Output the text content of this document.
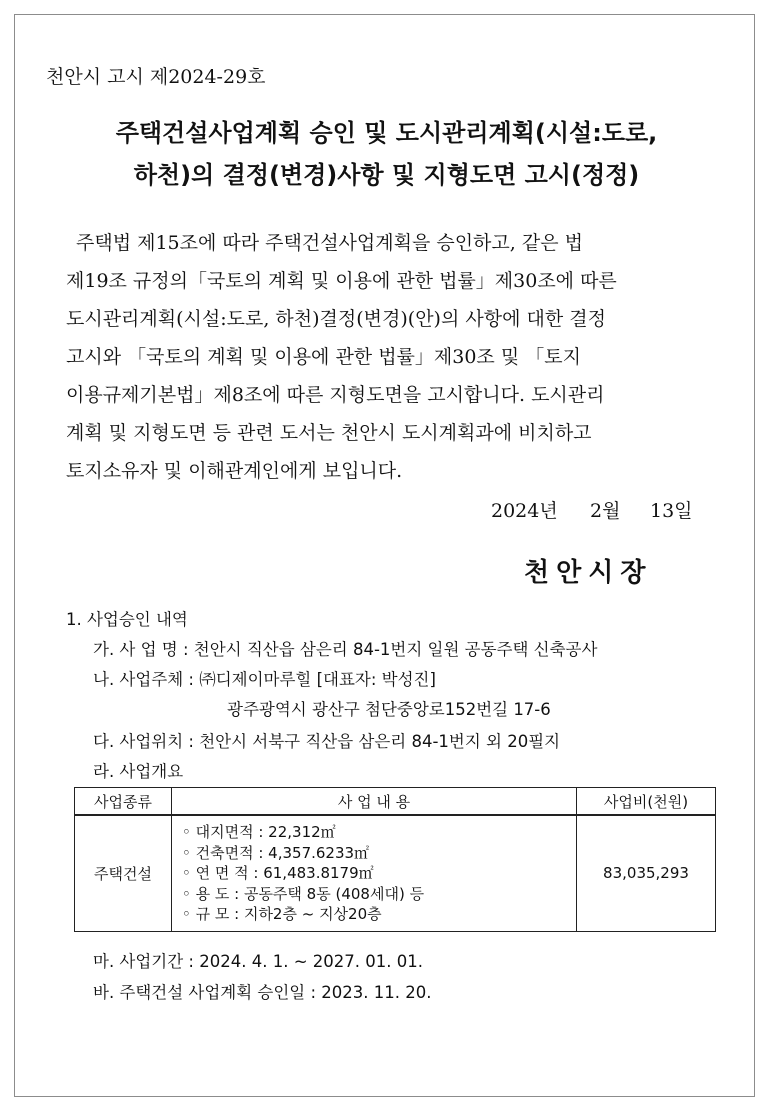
천안시 고시 제2024-29호
주택건설사업계획 승인 및 도시관리계획(시설:도로,
하천)의 결정(변경)사항 및 지형도면 고시(정정)
주택법 제15조에 따라 주택건설사업계획을 승인하고, 같은 법
제19조 규정의「국토의 계획 및 이용에 관한 법률」제30조에 따른
도시관리계획(시설:도로, 하천)결정(변경)(안)의 사항에 대한 결정
고시와 「국토의 계획 및 이용에 관한 법률」제30조 및 「토지
이용규제기본법」제8조에 따른 지형도면을 고시합니다. 도시관리
계획 및 지형도면 등 관련 도서는 천안시 도시계획과에 비치하고
토지소유자 및 이해관계인에게 보입니다.
2024년 2월 13일
천안시장
1. 사업승인 내역
가. 사 업 명 : 천안시 직산읍 삼은리 84-1번지 일원 공동주택 신축공사
나. 사업주체 : ㈜디제이마루힐 [대표자: 박성진]
광주광역시 광산구 첨단중앙로152번길 17-6
다. 사업위치 : 천안시 서북구 직산읍 삼은리 84-1번지 외 20필지
라. 사업개요
사업종류	사 업 내 용	사업비(천원)
주택건설	◦ 대지면적 : 22,312㎡
◦ 건축면적 : 4,357.6233㎡
◦ 연 면 적 : 61,483.8179㎡
◦ 용 도 : 공동주택 8동 (408세대) 등
◦ 규 모 : 지하2층 ~ 지상20층	83,035,293
마. 사업기간 : 2024. 4. 1. ~ 2027. 01. 01.
바. 주택건설 사업계획 승인일 : 2023. 11. 20.
